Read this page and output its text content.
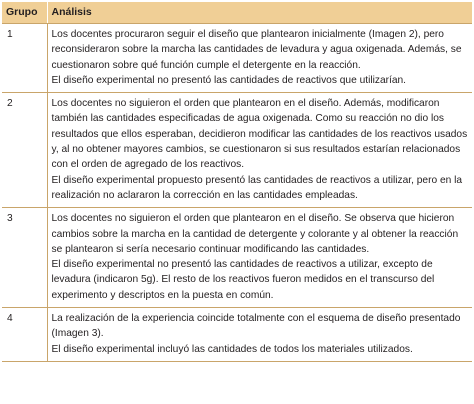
Grupo	Análisis
1	Los docentes procuraron seguir el diseño que plantearon inicialmente (Imagen 2), pero reconsideraron sobre la marcha las cantidades de levadura y agua oxigenada. Además, se cuestionaron sobre qué función cumple el detergente en la reacción.

El diseño experimental no presentó las cantidades de reactivos que utilizarían.

2	Los docentes no siguieron el orden que plantearon en el diseño. Además, modificaron también las cantidades especificadas de agua oxigenada. Como su reacción no dio los resultados que ellos esperaban, decidieron modificar las cantidades de los reactivos usados y, al no obtener mayores cambios, se cuestionaron si sus resultados estarían relacionados con el orden de agregado de los reactivos.

El diseño experimental propuesto presentó las cantidades de reactivos a utilizar, pero en la realización no aclararon la corrección en las cantidades empleadas.

3	Los docentes no siguieron el orden que plantearon en el diseño. Se observa que hicieron cambios sobre la marcha en la cantidad de detergente y colorante y al obtener la reacción se plantearon si sería necesario continuar modificando las cantidades.

El diseño experimental no presentó las cantidades de reactivos a utilizar, excepto de levadura (indicaron 5g). El resto de los reactivos fueron medidos en el transcurso del experimento y descriptos en la puesta en común.

4	La realización de la experiencia coincide totalmente con el esquema de diseño presentado (Imagen 3).

El diseño experimental incluyó las cantidades de todos los materiales utilizados.
